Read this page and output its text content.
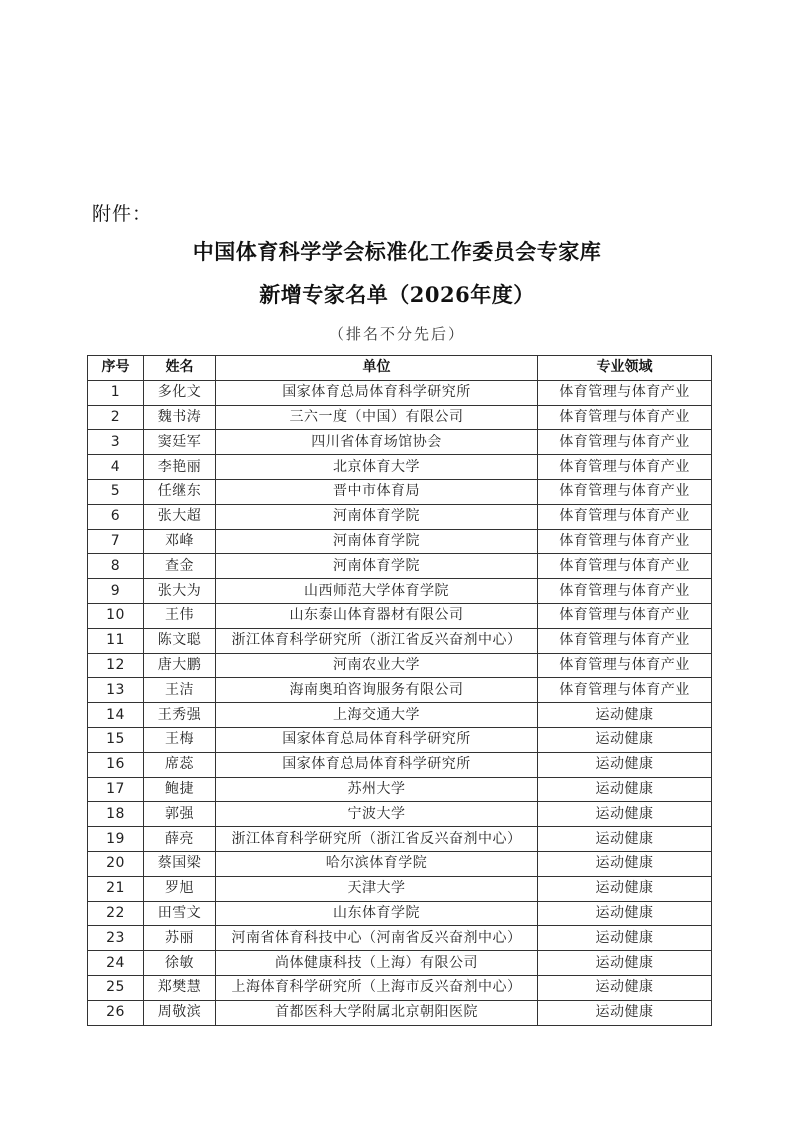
附件：
中国体育科学学会标准化工作委员会专家库
新增专家名单（2026年度）
（排名不分先后）
序号	姓名	单位	专业领域
1	多化文	国家体育总局体育科学研究所	体育管理与体育产业
2	魏书涛	三六一度（中国）有限公司	体育管理与体育产业
3	窦廷军	四川省体育场馆协会	体育管理与体育产业
4	李艳丽	北京体育大学	体育管理与体育产业
5	任继东	晋中市体育局	体育管理与体育产业
6	张大超	河南体育学院	体育管理与体育产业
7	邓峰	河南体育学院	体育管理与体育产业
8	查金	河南体育学院	体育管理与体育产业
9	张大为	山西师范大学体育学院	体育管理与体育产业
10	王伟	山东泰山体育器材有限公司	体育管理与体育产业
11	陈文聪	浙江体育科学研究所（浙江省反兴奋剂中心）	体育管理与体育产业
12	唐大鹏	河南农业大学	体育管理与体育产业
13	王洁	海南奥珀咨询服务有限公司	体育管理与体育产业
14	王秀强	上海交通大学	运动健康
15	王梅	国家体育总局体育科学研究所	运动健康
16	席蕊	国家体育总局体育科学研究所	运动健康
17	鲍捷	苏州大学	运动健康
18	郭强	宁波大学	运动健康
19	薛亮	浙江体育科学研究所（浙江省反兴奋剂中心）	运动健康
20	蔡国梁	哈尔滨体育学院	运动健康
21	罗旭	天津大学	运动健康
22	田雪文	山东体育学院	运动健康
23	苏丽	河南省体育科技中心（河南省反兴奋剂中心）	运动健康
24	徐敏	尚体健康科技（上海）有限公司	运动健康
25	郑樊慧	上海体育科学研究所（上海市反兴奋剂中心）	运动健康
26	周敬滨	首都医科大学附属北京朝阳医院	运动健康
